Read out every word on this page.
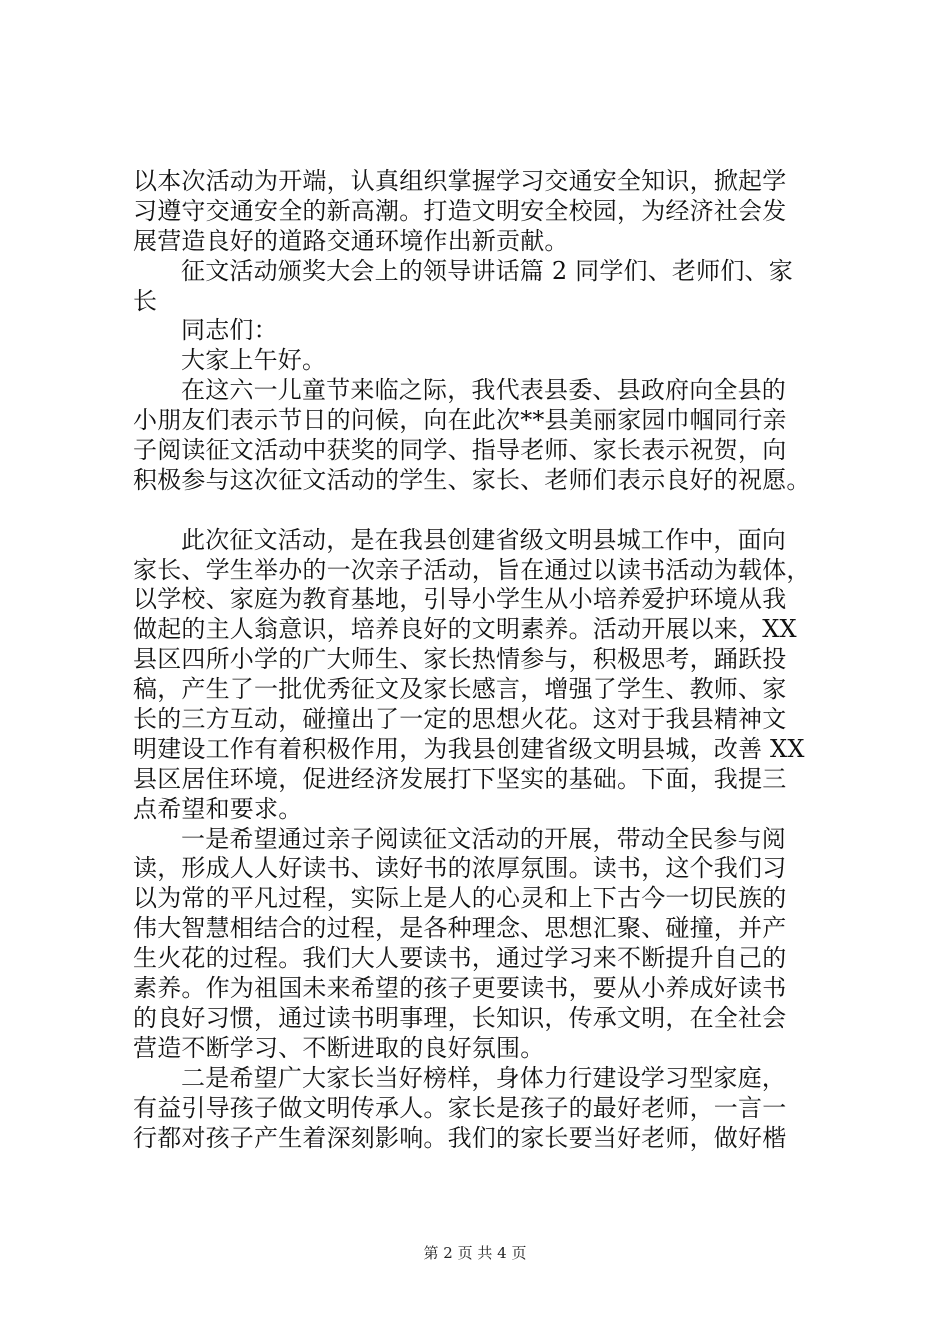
以本次活动为开端，认真组织掌握学习交通安全知识，掀起学
习遵守交通安全的新高潮。打造文明安全校园，为经济社会发
展营造良好的道路交通环境作出新贡献。
征文活动颁奖大会上的领导讲话篇 2 同学们、老师们、家
长
同志们：
大家上午好。
在这六一儿童节来临之际，我代表县委、县政府向全县的
小朋友们表示节日的问候，向在此次**县美丽家园巾帼同行亲
子阅读征文活动中获奖的同学、指导老师、家长表示祝贺，向
积极参与这次征文活动的学生、家长、老师们表示良好的祝愿。
此次征文活动，是在我县创建省级文明县城工作中，面向
家长、学生举办的一次亲子活动，旨在通过以读书活动为载体，
以学校、家庭为教育基地，引导小学生从小培养爱护环境从我
做起的主人翁意识，培养良好的文明素养。活动开展以来，XX
县区四所小学的广大师生、家长热情参与，积极思考，踊跃投
稿，产生了一批优秀征文及家长感言，增强了学生、教师、家
长的三方互动，碰撞出了一定的思想火花。这对于我县精神文
明建设工作有着积极作用，为我县创建省级文明县城，改善 XX
县区居住环境，促进经济发展打下坚实的基础。下面，我提三
点希望和要求。
一是希望通过亲子阅读征文活动的开展，带动全民参与阅
读，形成人人好读书、读好书的浓厚氛围。读书，这个我们习
以为常的平凡过程，实际上是人的心灵和上下古今一切民族的
伟大智慧相结合的过程，是各种理念、思想汇聚、碰撞，并产
生火花的过程。我们大人要读书，通过学习来不断提升自己的
素养。作为祖国未来希望的孩子更要读书，要从小养成好读书
的良好习惯，通过读书明事理，长知识，传承文明，在全社会
营造不断学习、不断进取的良好氛围。
二是希望广大家长当好榜样，身体力行建设学习型家庭，
有益引导孩子做文明传承人。家长是孩子的最好老师，一言一
行都对孩子产生着深刻影响。我们的家长要当好老师，做好楷
第 2 页 共 4 页
